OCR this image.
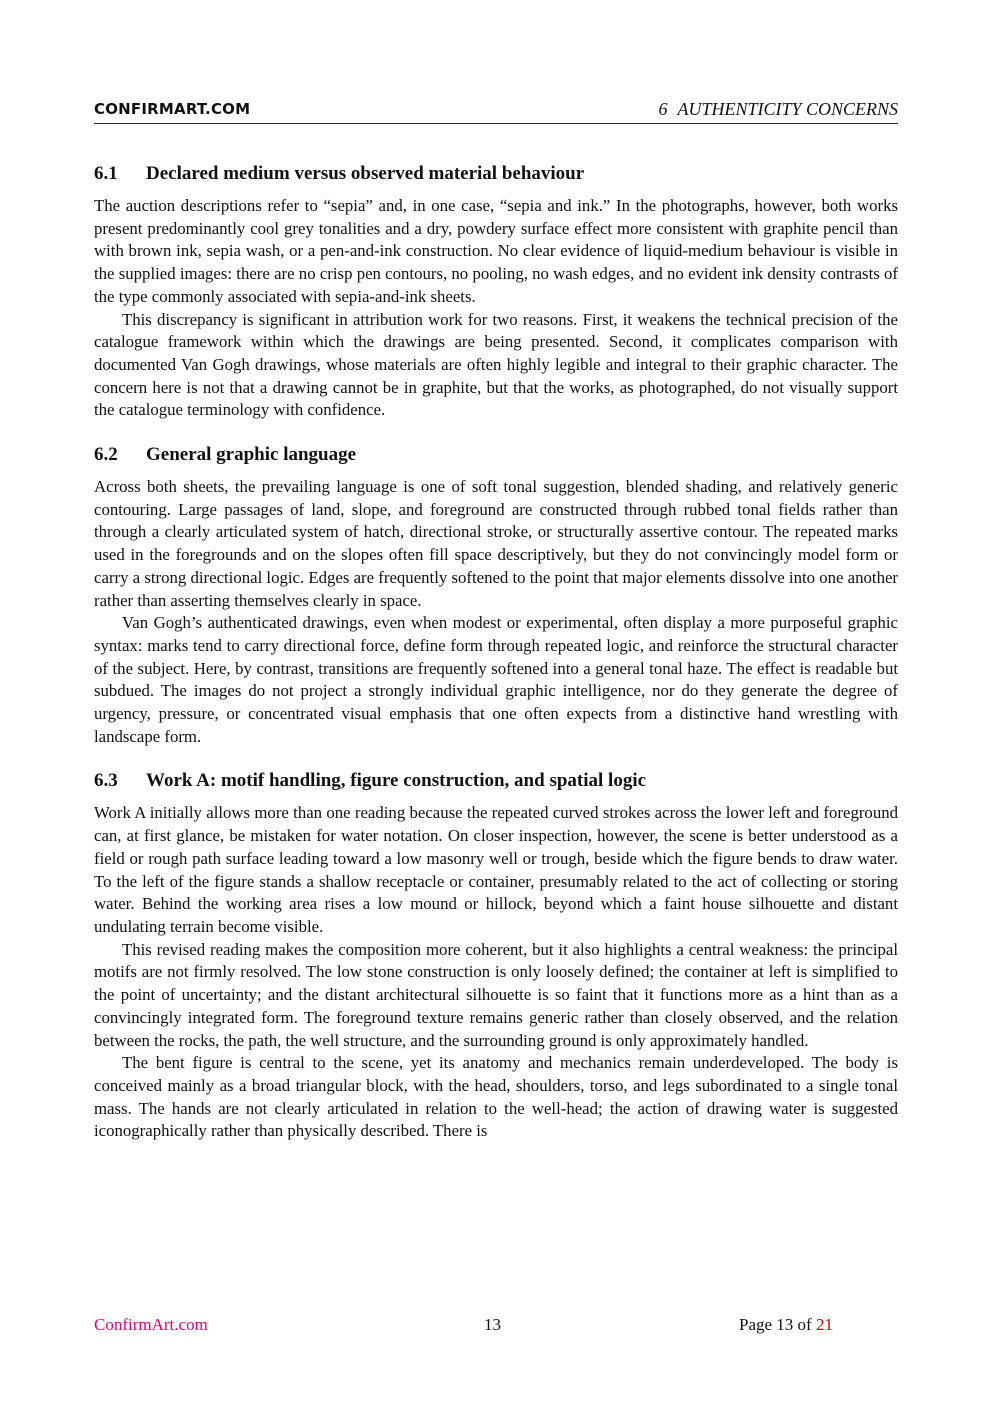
CONFIRMART.COM	6 AUTHENTICITY CONCERNS
6.1 Declared medium versus observed material behaviour

The auction descriptions refer to “sepia” and, in one case, “sepia and ink.” In the photographs, however, both works present predominantly cool grey tonalities and a dry, powdery surface effect more consistent with graphite pencil than with brown ink, sepia wash, or a pen-and-ink construction. No clear evidence of liquid-medium behaviour is visible in the supplied images: there are no crisp pen contours, no pooling, no wash edges, and no evident ink density contrasts of the type commonly associated with sepia-and-ink sheets.

This discrepancy is significant in attribution work for two reasons. First, it weakens the technical precision of the catalogue framework within which the drawings are being presented. Second, it complicates comparison with documented Van Gogh drawings, whose materials are often highly legible and integral to their graphic character. The concern here is not that a drawing cannot be in graphite, but that the works, as photographed, do not visually support the catalogue terminology with confidence.

6.2 General graphic language

Across both sheets, the prevailing language is one of soft tonal suggestion, blended shading, and relatively generic contouring. Large passages of land, slope, and foreground are constructed through rubbed tonal fields rather than through a clearly articulated system of hatch, directional stroke, or structurally assertive contour. The repeated marks used in the foregrounds and on the slopes often fill space descriptively, but they do not convincingly model form or carry a strong directional logic. Edges are frequently softened to the point that major elements dissolve into one another rather than asserting themselves clearly in space.

Van Gogh’s authenticated drawings, even when modest or experimental, often display a more purposeful graphic syntax: marks tend to carry directional force, define form through repeated logic, and reinforce the structural character of the subject. Here, by contrast, transitions are frequently softened into a general tonal haze. The effect is readable but subdued. The images do not project a strongly individual graphic intelligence, nor do they generate the degree of urgency, pressure, or concentrated visual emphasis that one often expects from a distinctive hand wrestling with landscape form.

6.3 Work A: motif handling, figure construction, and spatial logic

Work A initially allows more than one reading because the repeated curved strokes across the lower left and foreground can, at first glance, be mistaken for water notation. On closer inspection, however, the scene is better understood as a field or rough path surface leading toward a low masonry well or trough, beside which the figure bends to draw water. To the left of the figure stands a shallow receptacle or container, presumably related to the act of collecting or storing water. Behind the working area rises a low mound or hillock, beyond which a faint house silhouette and distant undulating terrain become visible.

This revised reading makes the composition more coherent, but it also highlights a central weakness: the principal motifs are not firmly resolved. The low stone construction is only loosely defined; the container at left is simplified to the point of uncertainty; and the distant architectural silhouette is so faint that it functions more as a hint than as a convincingly integrated form. The foreground texture remains generic rather than closely observed, and the relation between the rocks, the path, the well structure, and the surrounding ground is only approximately handled.

The bent figure is central to the scene, yet its anatomy and mechanics remain underdeveloped. The body is conceived mainly as a broad triangular block, with the head, shoulders, torso, and legs subordinated to a single tonal mass. The hands are not clearly articulated in relation to the well-head; the action of drawing water is suggested iconographically rather than physically described. There is

ConfirmArt.com	13	Page 13 of 21
